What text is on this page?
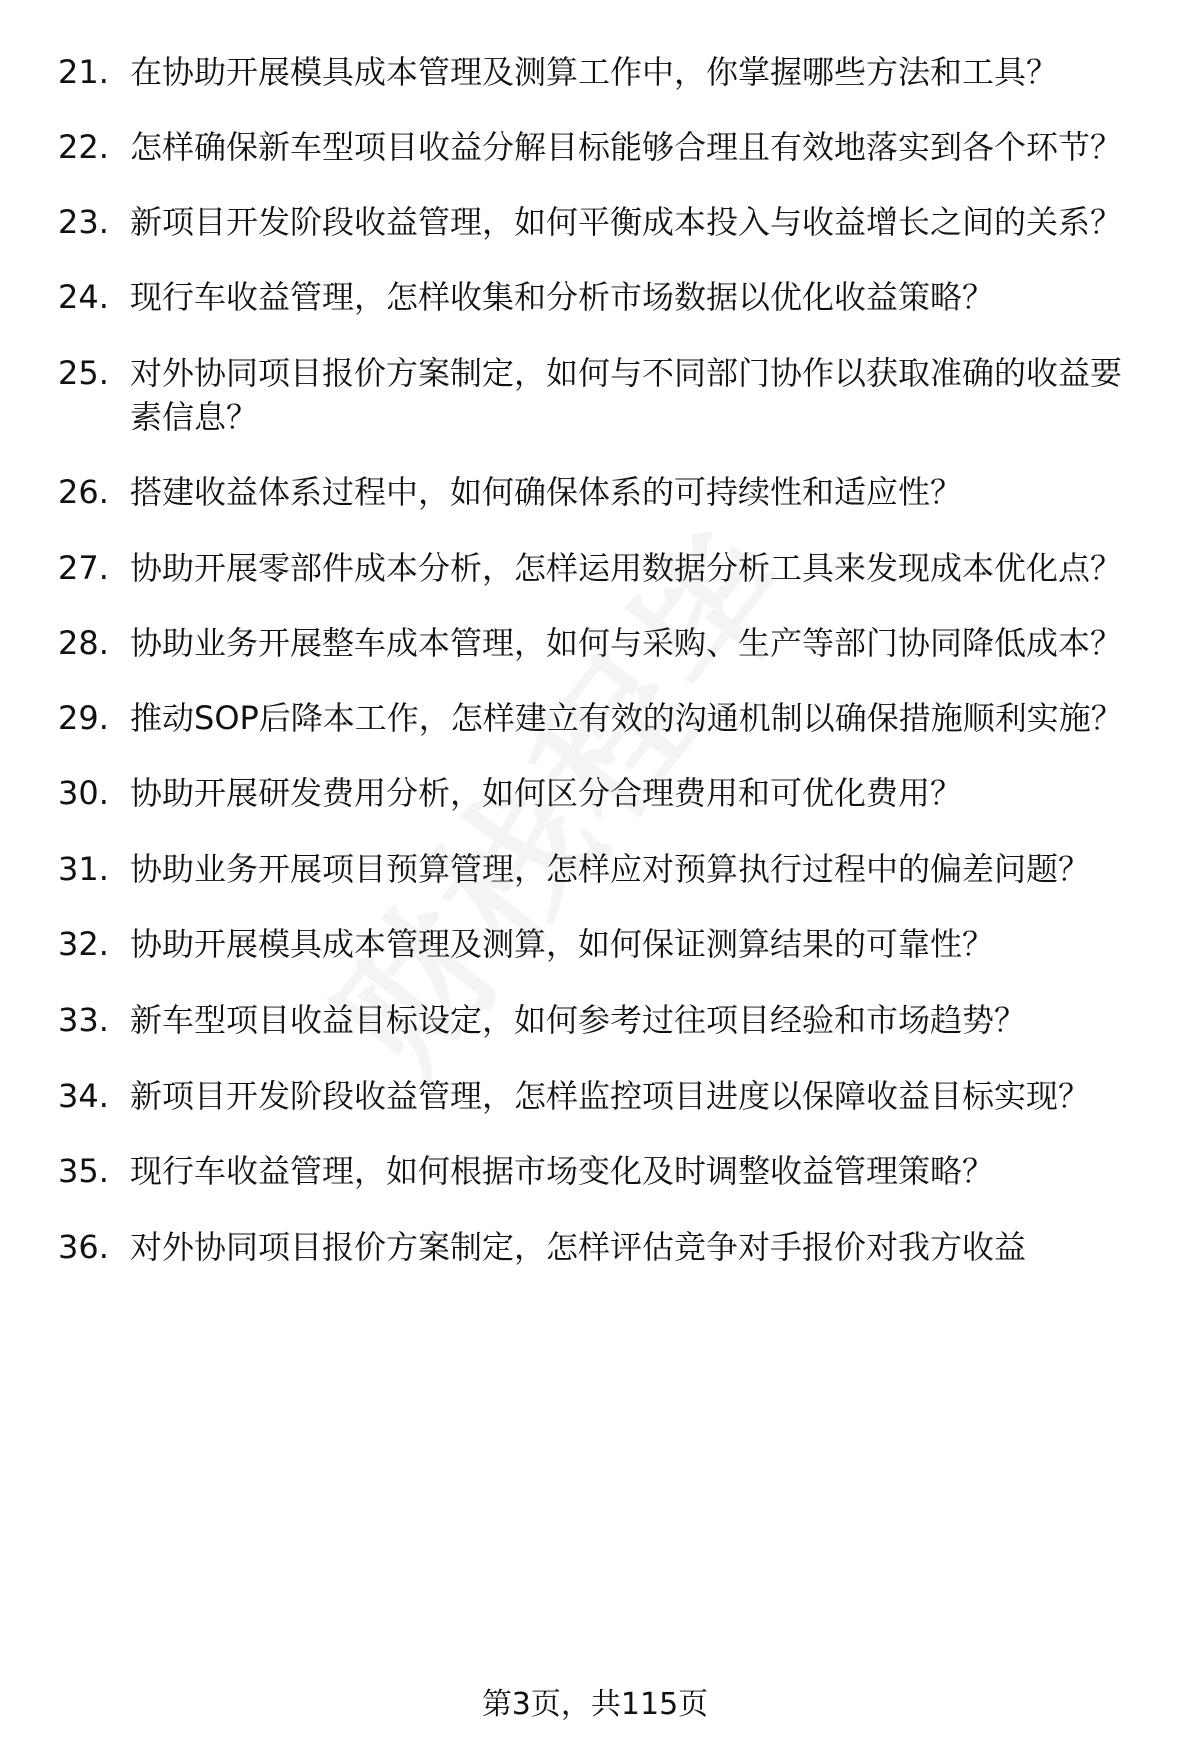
21. 在协助开展模具成本管理及测算工作中，你掌握哪些方法和工具？
22. 怎样确保新车型项目收益分解目标能够合理且有效地落实到各个环节？
23. 新项目开发阶段收益管理，如何平衡成本投入与收益增长之间的关系？
24. 现行车收益管理，怎样收集和分析市场数据以优化收益策略？
25. 对外协同项目报价方案制定，如何与不同部门协作以获取准确的收益要素信息？
26. 搭建收益体系过程中，如何确保体系的可持续性和适应性？
27. 协助开展零部件成本分析，怎样运用数据分析工具来发现成本优化点？
28. 协助业务开展整车成本管理，如何与采购、生产等部门协同降低成本？
29. 推动SOP后降本工作，怎样建立有效的沟通机制以确保措施顺利实施？
30. 协助开展研发费用分析，如何区分合理费用和可优化费用？
31. 协助业务开展项目预算管理，怎样应对预算执行过程中的偏差问题？
32. 协助开展模具成本管理及测算，如何保证测算结果的可靠性？
33. 新车型项目收益目标设定，如何参考过往项目经验和市场趋势？
34. 新项目开发阶段收益管理，怎样监控项目进度以保障收益目标实现？
35. 现行车收益管理，如何根据市场变化及时调整收益管理策略？
36. 对外协同项目报价方案制定，怎样评估竞争对手报价对我方收益
第3页，共115页
